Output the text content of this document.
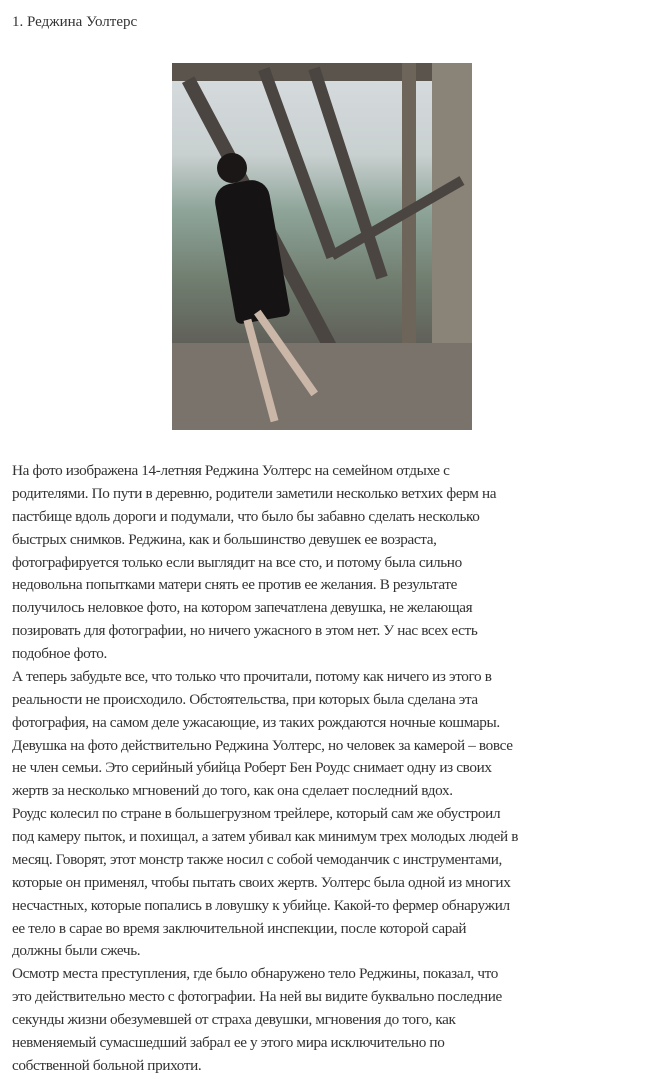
1. Реджина Уолтерс

На фото изображена 14-летняя Реджина Уолтерс на семейном отдыхе с
родителями. По пути в деревню, родители заметили несколько ветхих ферм на
пастбище вдоль дороги и подумали, что было бы забавно сделать несколько
быстрых снимков. Реджина, как и большинство девушек ее возраста,
фотографируется только если выглядит на все сто, и потому была сильно
недовольна попытками матери снять ее против ее желания. В результате
получилось неловкое фото, на котором запечатлена девушка, не желающая
позировать для фотографии, но ничего ужасного в этом нет. У нас всех есть
подобное фото.

А теперь забудьте все, что только что прочитали, потому как ничего из этого в
реальности не происходило. Обстоятельства, при которых была сделана эта
фотография, на самом деле ужасающие, из таких рождаются ночные кошмары.
Девушка на фото действительно Реджина Уолтерс, но человек за камерой – вовсе
не член семьи. Это серийный убийца Роберт Бен Роудс снимает одну из своих
жертв за несколько мгновений до того, как она сделает последний вдох.

Роудс колесил по стране в большегрузном трейлере, который сам же обустроил
под камеру пыток, и похищал, а затем убивал как минимум трех молодых людей в
месяц. Говорят, этот монстр также носил с собой чемоданчик с инструментами,
которые он применял, чтобы пытать своих жертв. Уолтерс была одной из многих
несчастных, которые попались в ловушку к убийце. Какой-то фермер обнаружил
ее тело в сарае во время заключительной инспекции, после которой сарай
должны были сжечь.

Осмотр места преступления, где было обнаружено тело Реджины, показал, что
это действительно место с фотографии. На ней вы видите буквально последние
секунды жизни обезумевшей от страха девушки, мгновения до того, как
невменяемый сумасшедший забрал ее у этого мира исключительно по
собственной больной прихоти.
